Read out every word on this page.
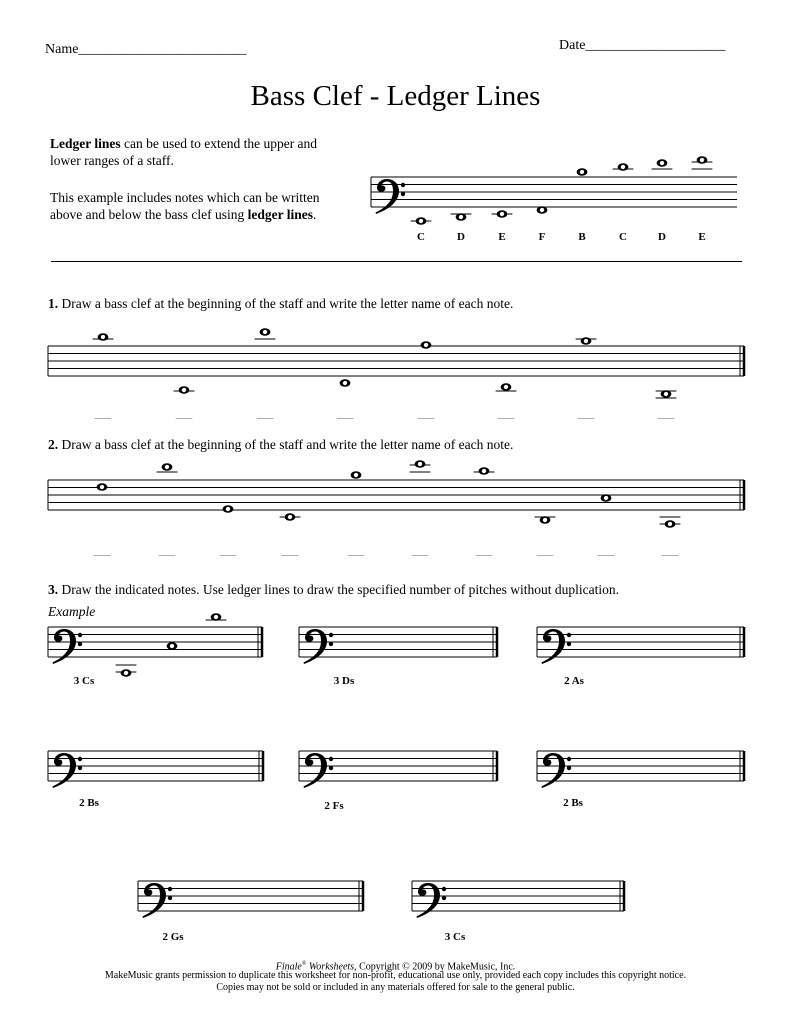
Name________________________	Date____________________
Bass Clef - Ledger Lines
Ledger lines can be used to extend the upper and lower ranges of a staff.
This example includes notes which can be written above and below the bass clef using ledger lines.
1. Draw a bass clef at the beginning of the staff and write the letter name of each note.
2. Draw a bass clef at the beginning of the staff and write the letter name of each note.
3. Draw the indicated notes. Use ledger lines to draw the specified number of pitches without duplication.
Example
C	D	E	F	B	C	D	E
___	___	___	___	___	___	___	___
___	___	___	___	___	___	___	___	___	___
3 Cs	3 Ds	2 As
2 Bs	2 Fs	2 Bs
2 Gs	3 Cs
Finale® Worksheets, Copyright © 2009 by MakeMusic, Inc.
MakeMusic grants permission to duplicate this worksheet for non-profit, educational use only, provided each copy includes this copyright notice.
Copies may not be sold or included in any materials offered for sale to the general public.
